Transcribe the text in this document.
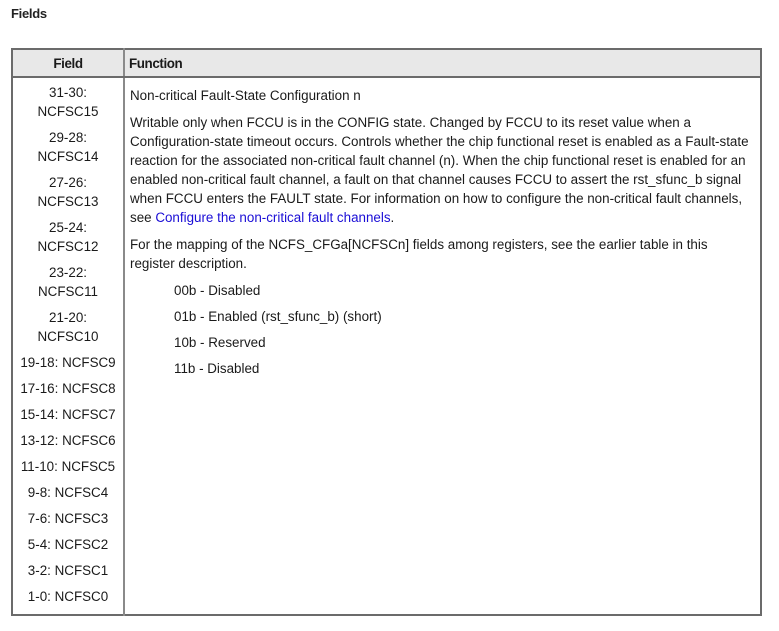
Fields
Field	Function

31-30:
NCFSC15
29-28:
NCFSC14
27-26:
NCFSC13
25-24:
NCFSC12
23-22:
NCFSC11
21-20:
NCFSC10
19-18: NCFSC9
17-16: NCFSC8
15-14: NCFSC7
13-12: NCFSC6
11-10: NCFSC5
9-8: NCFSC4
7-6: NCFSC3
5-4: NCFSC2
3-2: NCFSC1
1-0: NCFSC0

Non-critical Fault-State Configuration n

Writable only when FCCU is in the CONFIG state. Changed by FCCU to its reset value when a Configuration-state timeout occurs. Controls whether the chip functional reset is enabled as a Fault-state reaction for the associated non-critical fault channel (n). When the chip functional reset is enabled for an enabled non-critical fault channel, a fault on that channel causes FCCU to assert the rst_sfunc_b signal when FCCU enters the FAULT state. For information on how to configure the non-critical fault channels, see Configure the non-critical fault channels.

For the mapping of the NCFS_CFGa[NCFSCn] fields among registers, see the earlier table in this register description.

00b - Disabled
01b - Enabled (rst_sfunc_b) (short)
10b - Reserved
11b - Disabled
